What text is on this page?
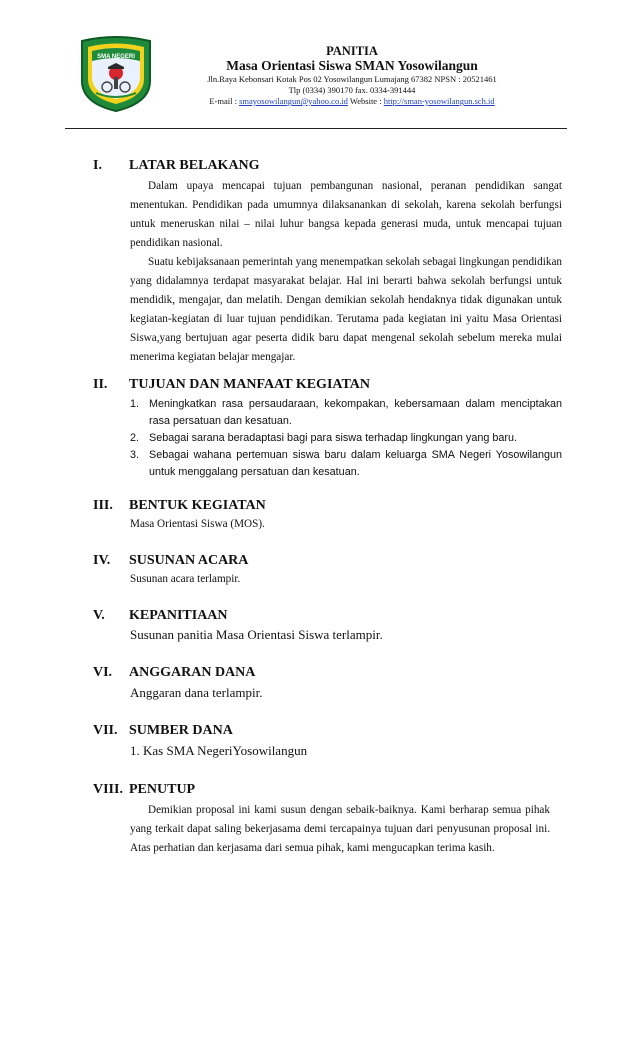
SMA NEGERI	PANITIA
Masa Orientasi Siswa SMAN Yosowilangun
Jln.Raya Kebonsari Kotak Pos 02 Yosowilangun Lumajang 67382 NPSN : 20521461
Tlp (0334) 390170 fax. 0334-391444
E-mail : smayosowilangun@yahoo.co.id Website : http://sman-yosowilangun.sch.id
I. LATAR BELAKANG

Dalam upaya mencapai tujuan pembangunan nasional, peranan pendidikan sangat menentukan. Pendidikan pada umumnya dilaksanankan di sekolah, karena sekolah berfungsi untuk meneruskan nilai – nilai luhur bangsa kepada generasi muda, untuk mencapai tujuan pendidikan nasional.

Suatu kebijaksanaan pemerintah yang menempatkan sekolah sebagai lingkungan pendidikan yang didalamnya terdapat masyarakat belajar. Hal ini berarti bahwa sekolah berfungsi untuk mendidik, mengajar, dan melatih. Dengan demikian sekolah hendaknya tidak digunakan untuk kegiatan-kegiatan di luar tujuan pendidikan. Terutama pada kegiatan ini yaitu Masa Orientasi Siswa,yang bertujuan agar peserta didik baru dapat mengenal sekolah sebelum mereka mulai menerima kegiatan belajar mengajar.

II. TUJUAN DAN MANFAAT KEGIATAN
1. Meningkatkan rasa persaudaraan, kekompakan, kebersamaan dalam menciptakan rasa persatuan dan kesatuan.
2. Sebagai sarana beradaptasi bagi para siswa terhadap lingkungan yang baru.
3. Sebagai wahana pertemuan siswa baru dalam keluarga SMA Negeri Yosowilangun untuk menggalang persatuan dan kesatuan.
III. BENTUK KEGIATAN
Masa Orientasi Siswa (MOS).
IV. SUSUNAN ACARA
Susunan acara terlampir.
V. KEPANITIAAN
Susunan panitia Masa Orientasi Siswa terlampir.
VI. ANGGARAN DANA
Anggaran dana terlampir.
VII. SUMBER DANA
1. Kas SMA NegeriYosowilangun
VIII. PENUTUP

Demikian proposal ini kami susun dengan sebaik-baiknya. Kami berharap semua pihak yang terkait dapat saling bekerjasama demi tercapainya tujuan dari penyusunan proposal ini. Atas perhatian dan kerjasama dari semua pihak, kami mengucapkan terima kasih.
